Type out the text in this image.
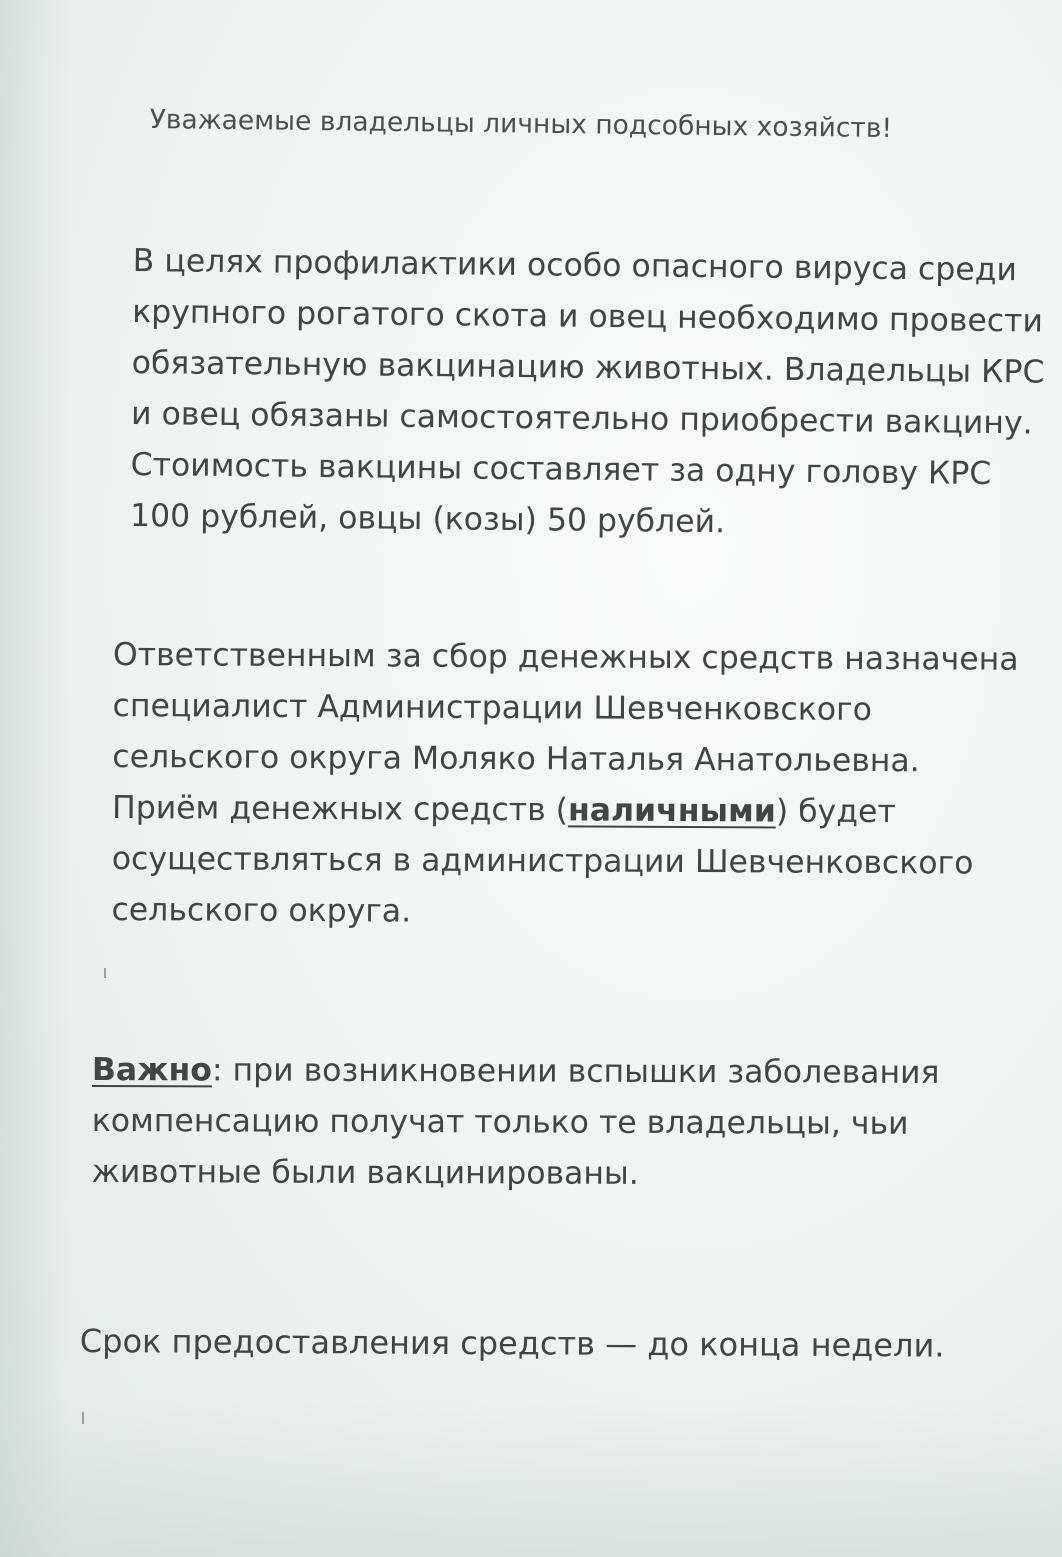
Уважаемые владельцы личных подсобных хозяйств!
В целях профилактики особо опасного вируса среди
крупного рогатого скота и овец необходимо провести
обязательную вакцинацию животных. Владельцы КРС
и овец обязаны самостоятельно приобрести вакцину.
Стоимость вакцины составляет за одну голову КРС
100 рублей, овцы (козы) 50 рублей.
Ответственным за сбор денежных средств назначена
специалист Администрации Шевченковского
сельского округа Моляко Наталья Анатольевна.
Приём денежных средств (наличными) будет
осуществляться в администрации Шевченковского
сельского округа.
Важно: при возникновении вспышки заболевания
компенсацию получат только те владельцы, чьи
животные были вакцинированы.
Срок предоставления средств — до конца недели.
